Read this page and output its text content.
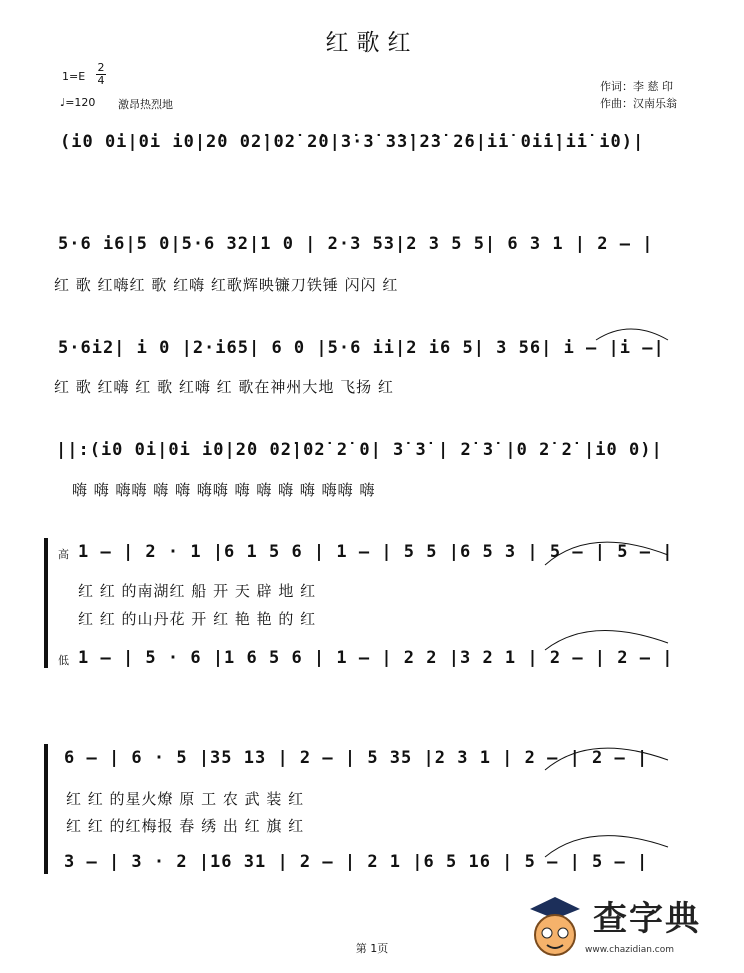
红歌红
1=E
2
4
♩=120 激昂热烈地
作词：李 慈 印
作曲：汉南乐翁
(i0 0i|0i i0|2̇0 02̇|02̇ 2̇0|3̇·3̇ 3̇3̇|2̇3̇ 2̇6|i̇i̇ 0i̇i̇|i̇i̇ i̇0)|
5·6 i6|5 0|5·6 32|1 0 | 2·3 53|2 3 5 5| 6 3 1 | 2 – |
红 歌 红嗨红 歌 红嗨 红歌辉映镰刀铁锤 闪闪 红
5·6i2| i 0 |2·i65| 6 0 |5·6 ii|2 i6 5| 3 56| i – |i –|
红 歌 红嗨 红 歌 红嗨 红 歌在神州大地 飞扬 红
||:(i0 0i|0i i0|2̇0 02̇|02̇ 2̇ 0| 3̇ 3̇ | 2̇ 3̇ |0 2̇ 2̇ |i0 0)|
嗨 嗨 嗨嗨 嗨 嗨 嗨嗨 嗨 嗨 嗨 嗨 嗨嗨 嗨
高 1 – | 2 · 1 |6 1 5 6 | 1 – | 5 5 |6 5 3 | 5 – | 5 – |
红 红 的南湖红 船 开 天 辟 地 红
红 红 的山丹花 开 红 艳 艳 的 红
低 1 – | 5 · 6 |1 6 5 6 | 1 – | 2 2 |3 2 1 | 2 – | 2 – |
6 – | 6 · 5 |35 13 | 2 – | 5 35 |2 3 1 | 2 – | 2 – |
红 红 的星火燎 原 工 农 武 装 红
红 红 的红梅报 春 绣 出 红 旗 红
3 – | 3 · 2 |16 31 | 2 – | 2 1 |6 5 16 | 5 – | 5 – |
第 1页
查字典
www.chazidian.com
